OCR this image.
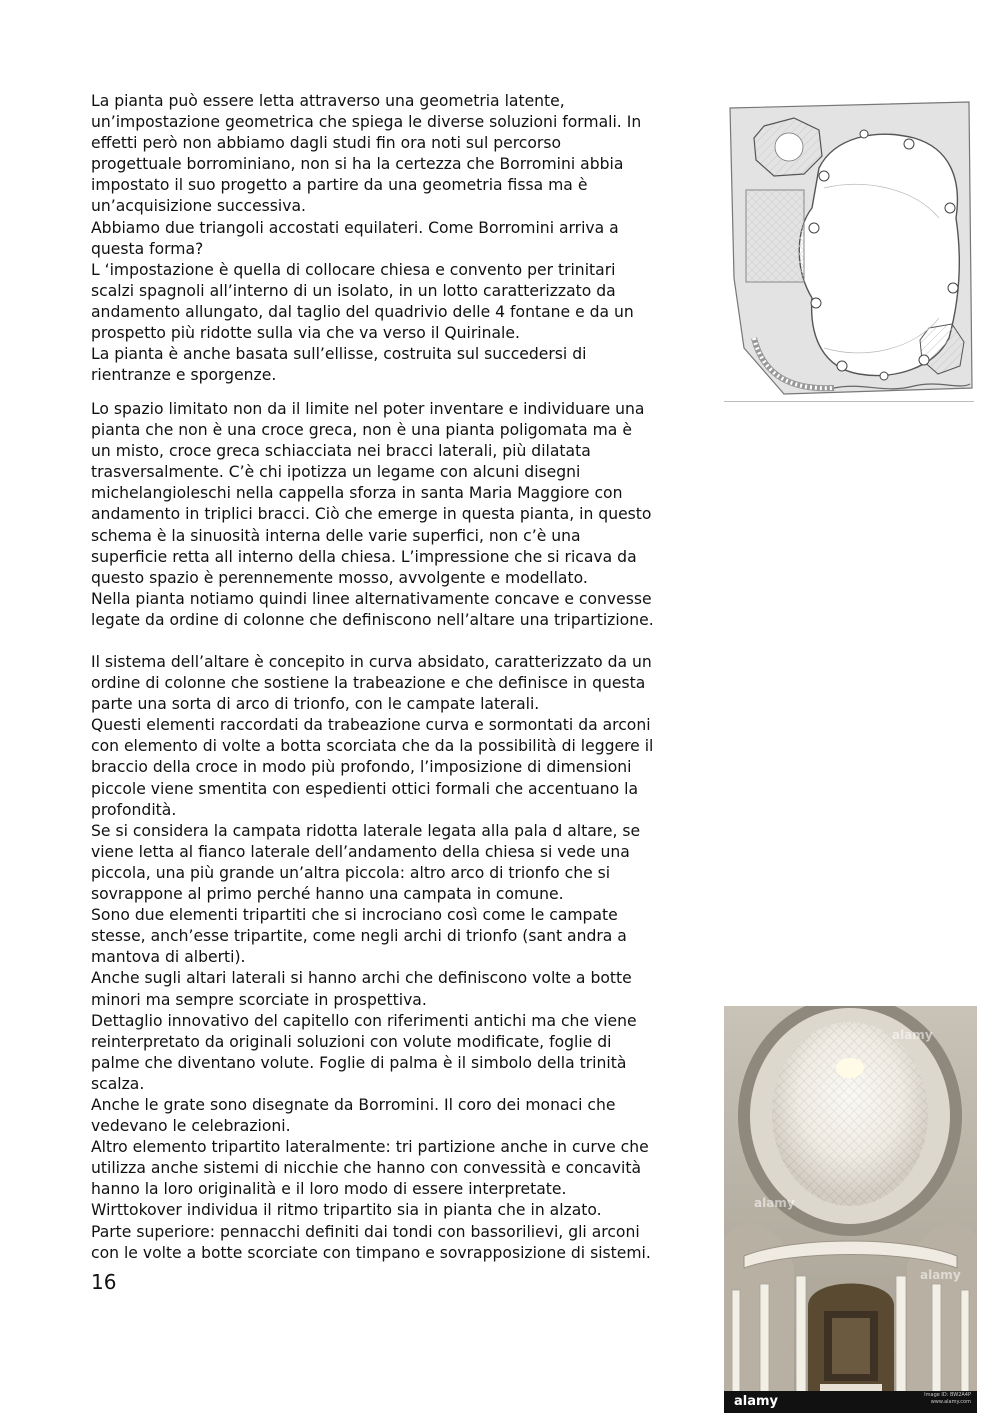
La pianta può essere letta attraverso una geometria latente,
un’impostazione geometrica che spiega le diverse soluzioni formali. In
effetti però non abbiamo dagli studi fin ora noti sul percorso
progettuale borrominiano, non si ha la certezza che Borromini abbia
impostato il suo progetto a partire da una geometria fissa ma è
un’acquisizione successiva.
Abbiamo due triangoli accostati equilateri. Come Borromini arriva a
questa forma?
L ‘impostazione è quella di collocare chiesa e convento per trinitari
scalzi spagnoli all’interno di un isolato, in un lotto caratterizzato da
andamento allungato, dal taglio del quadrivio delle 4 fontane e da un
prospetto più ridotte sulla via che va verso il Quirinale.
La pianta è anche basata sull’ellisse, costruita sul succedersi di
rientranze e sporgenze.

Lo spazio limitato non da il limite nel poter inventare e individuare una
pianta che non è una croce greca, non è una pianta poligomata ma è
un misto, croce greca schiacciata nei bracci laterali, più dilatata
trasversalmente. C’è chi ipotizza un legame con alcuni disegni
michelangioleschi nella cappella sforza in santa Maria Maggiore con
andamento in triplici bracci. Ciò che emerge in questa pianta, in questo
schema è la sinuosità interna delle varie superfici, non c’è una
superficie retta all interno della chiesa. L’impressione che si ricava da
questo spazio è perennemente mosso, avvolgente e modellato.
Nella pianta notiamo quindi linee alternativamente concave e convesse
legate da ordine di colonne che definiscono nell’altare una tripartizione.

Il sistema dell’altare è concepito in curva absidato, caratterizzato da un
ordine di colonne che sostiene la trabeazione e che definisce in questa
parte una sorta di arco di trionfo, con le campate laterali.
Questi elementi raccordati da trabeazione curva e sormontati da arconi
con elemento di volte a botta scorciata che da la possibilità di leggere il
braccio della croce in modo più profondo, l’imposizione di dimensioni
piccole viene smentita con espedienti ottici formali che accentuano la
profondità.
Se si considera la campata ridotta laterale legata alla pala d altare, se
viene letta al fianco laterale dell’andamento della chiesa si vede una
piccola, una più grande un’altra piccola: altro arco di trionfo che si
sovrappone al primo perché hanno una campata in comune.
Sono due elementi tripartiti che si incrociano così come le campate
stesse, anch’esse tripartite, come negli archi di trionfo (sant andra a
mantova di alberti).
Anche sugli altari laterali si hanno archi che definiscono volte a botte
minori ma sempre scorciate in prospettiva.
Dettaglio innovativo del capitello con riferimenti antichi ma che viene
reinterpretato da originali soluzioni con volute modificate, foglie di
palme che diventano volute. Foglie di palma è il simbolo della trinità
scalza.
Anche le grate sono disegnate da Borromini. Il coro dei monaci che
vedevano le celebrazioni.
Altro elemento tripartito lateralmente: tri partizione anche in curve che
utilizza anche sistemi di nicchie che hanno con convessità e concavità
hanno la loro originalità e il loro modo di essere interpretate.
Wirttokover individua il ritmo tripartito sia in pianta che in alzato.
Parte superiore: pennacchi definiti dai tondi con bassorilievi, gli arconi
con le volte a botte scorciate con timpano e sovrapposizione di sistemi.

16
alamy
alamy
alamy
alamy	Image ID: BW2A4P
www.alamy.com
